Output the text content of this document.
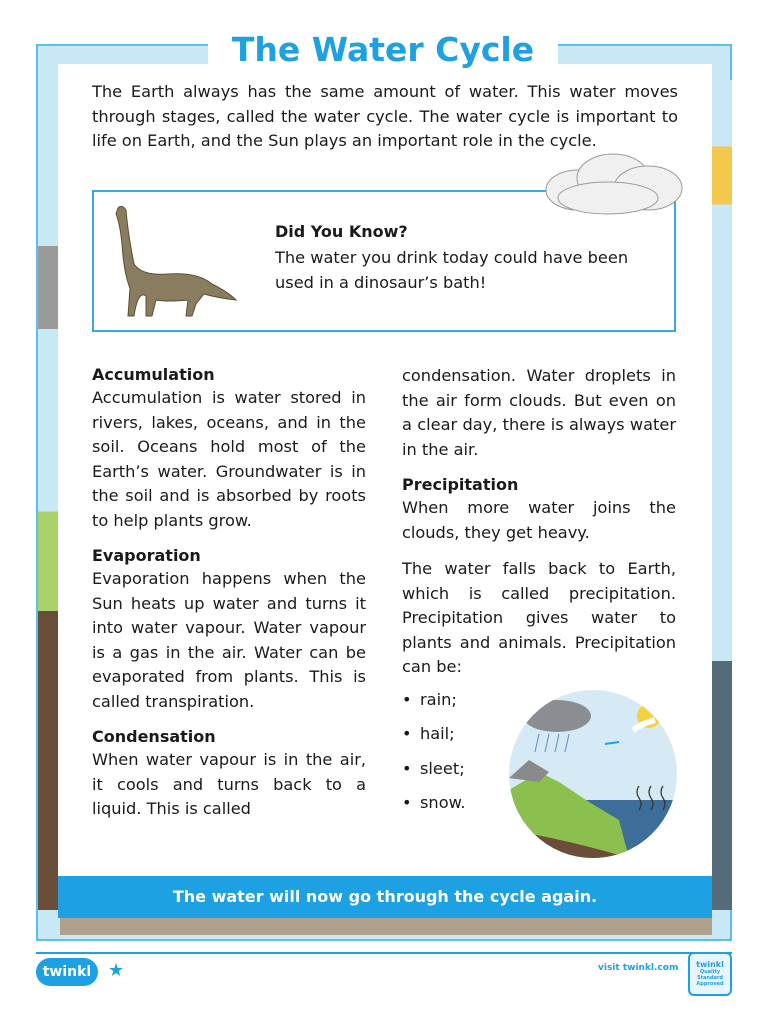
The Water Cycle

The Earth always has the same amount of water. This water moves through stages, called the water cycle. The water cycle is important to life on Earth, and the Sun plays an important role in the cycle.

Did You Know?

The water you drink today could have been used in a dinosaur’s bath!

Accumulation

Accumulation is water stored in rivers, lakes, oceans, and in the soil. Oceans hold most of the Earth’s water. Groundwater is in the soil and is absorbed by roots to help plants grow.

Evaporation

Evaporation happens when the Sun heats up water and turns it into water vapour. Water vapour is a gas in the air. Water can be evaporated from plants. This is called transpiration.

Condensation

When water vapour is in the air, it cools and turns back to a liquid. This is called

condensation. Water droplets in the air form clouds. But even on a clear day, there is always water in the air.

Precipitation

When more water joins the clouds, they get heavy.

The water falls back to Earth, which is called precipitation. Precipitation gives water to plants and animals. Precipitation can be:

• rain;
• hail;
• sleet;
• snow.
The water will now go through the cycle again.
twinkl ★	visit twinkl.com	twinkl
Quality Standard Approved
